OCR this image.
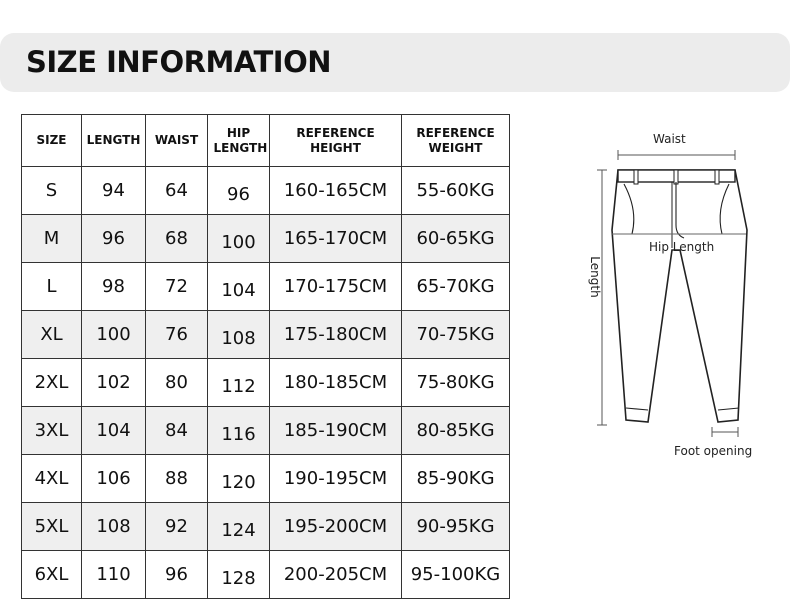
SIZE INFORMATION
SIZE	LENGTH	WAIST	HIP LENGTH	REFERENCE HEIGHT	REFERENCE WEIGHT
S	94	64	96	160-165CM	55-60KG
M	96	68	100	165-170CM	60-65KG
L	98	72	104	170-175CM	65-70KG
XL	100	76	108	175-180CM	70-75KG
2XL	102	80	112	180-185CM	75-80KG
3XL	104	84	116	185-190CM	80-85KG
4XL	106	88	120	190-195CM	85-90KG
5XL	108	92	124	195-200CM	90-95KG
6XL	110	96	128	200-205CM	95-100KG
Waist
Hip Length
Length
Foot opening
